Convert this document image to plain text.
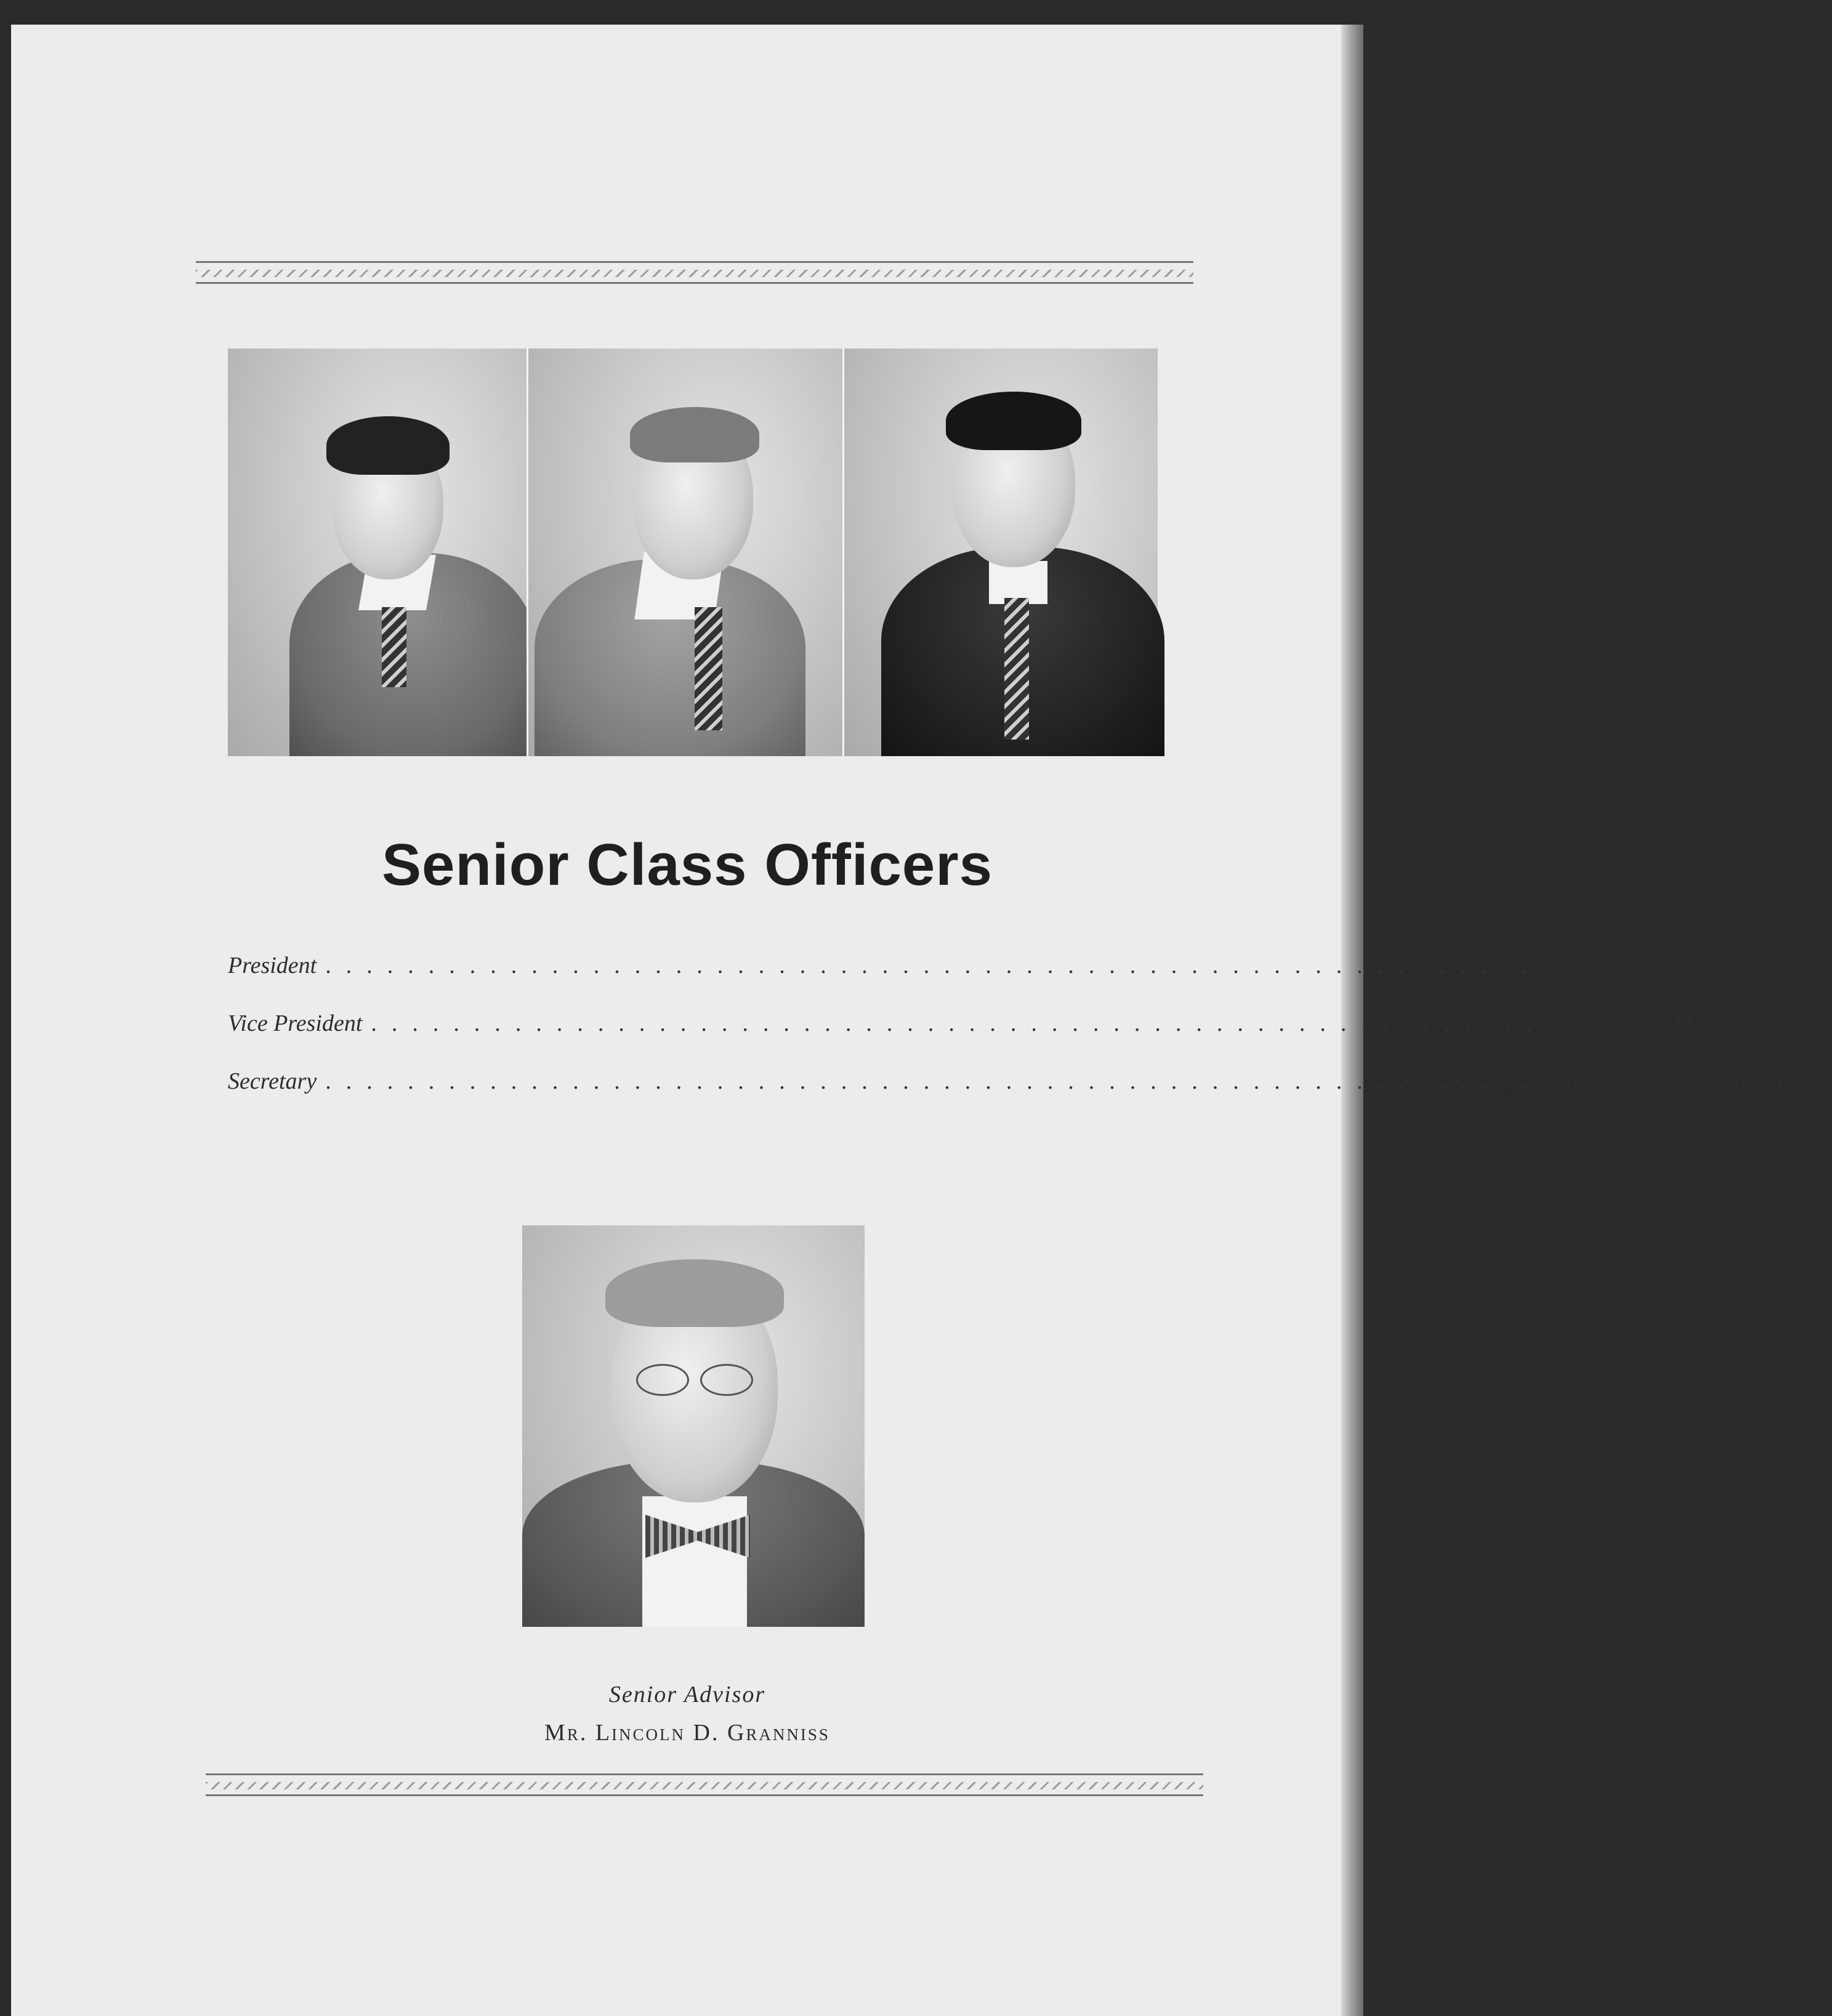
Senior Class Officers
President ........................................................... John F. Keller
Vice President ........................................................... Angus M. Cleveland
Secretary ........................................................... Charles F. Craven, Jr.
Senior Advisor
Mr. Lincoln D. Granniss
